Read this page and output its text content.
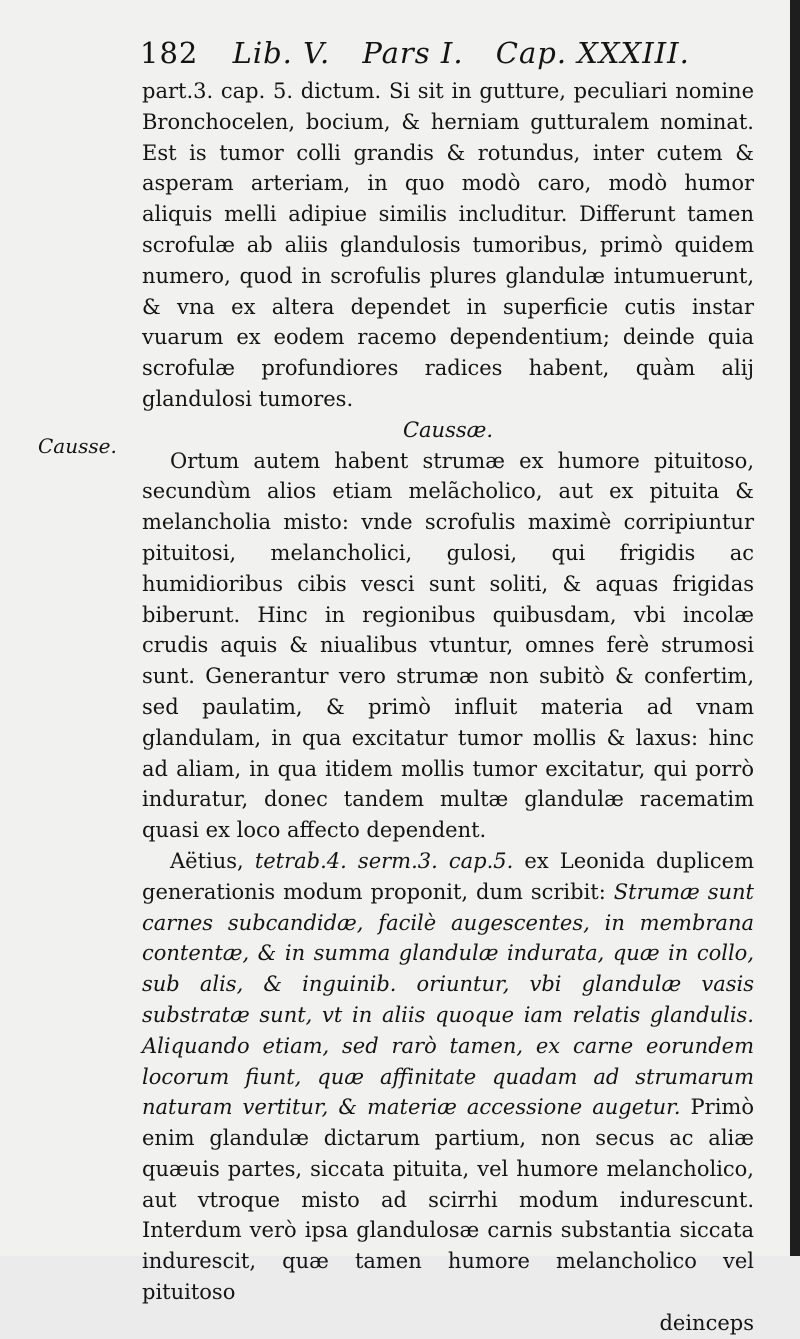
182 Lib. V. Pars I. Cap. XXXIII.
Causse.

part.3. cap. 5. dictum. Si sit in gutture, peculiari nomine Bronchocelen, bocium, & herniam gutturalem nominat. Est is tumor colli grandis & rotundus, inter cutem & asperam arteriam, in quo modò caro, modò humor aliquis melli adipiue similis includitur. Differunt tamen scrofulæ ab aliis glandulosis tumoribus, primò quidem numero, quod in scrofulis plures glandulæ intumuerunt, & vna ex altera dependet in superficie cutis instar vuarum ex eodem racemo dependentium; deinde quia scrofulæ profundiores radices habent, quàm alij glandulosi tumores.

Caussæ.

Ortum autem habent strumæ ex humore pituitoso, secundùm alios etiam melãcholico, aut ex pituita & melancholia misto: vnde scrofulis maximè corripiuntur pituitosi, melancholici, gulosi, qui frigidis ac humidioribus cibis vesci sunt soliti, & aquas frigidas biberunt. Hinc in regionibus quibusdam, vbi incolæ crudis aquis & niualibus vtuntur, omnes ferè strumosi sunt. Generantur vero strumæ non subitò & confertim, sed paulatim, & primò influit materia ad vnam glandulam, in qua excitatur tumor mollis & laxus: hinc ad aliam, in qua itidem mollis tumor excitatur, qui porrò induratur, donec tandem multæ glandulæ racematim quasi ex loco affecto dependent.

Aëtius, tetrab.4. serm.3. cap.5. ex Leonida duplicem generationis modum proponit, dum scribit: Strumæ sunt carnes subcandidæ, facilè augescentes, in membrana contentæ, & in summa glandulæ indurata, quæ in collo, sub alis, & inguinib. oriuntur, vbi glandulæ vasis substratæ sunt, vt in aliis quoque iam relatis glandulis. Aliquando etiam, sed rarò tamen, ex carne eorundem locorum fiunt, quæ affinitate quadam ad strumarum naturam vertitur, & materiæ accessione augetur. Primò enim glandulæ dictarum partium, non secus ac aliæ quæuis partes, siccata pituita, vel humore melancholico, aut vtroque misto ad scirrhi modum indurescunt. Interdum verò ipsa glandulosæ carnis substantia siccata indurescit, quæ tamen humore melancholico vel pituitoso

deinceps
